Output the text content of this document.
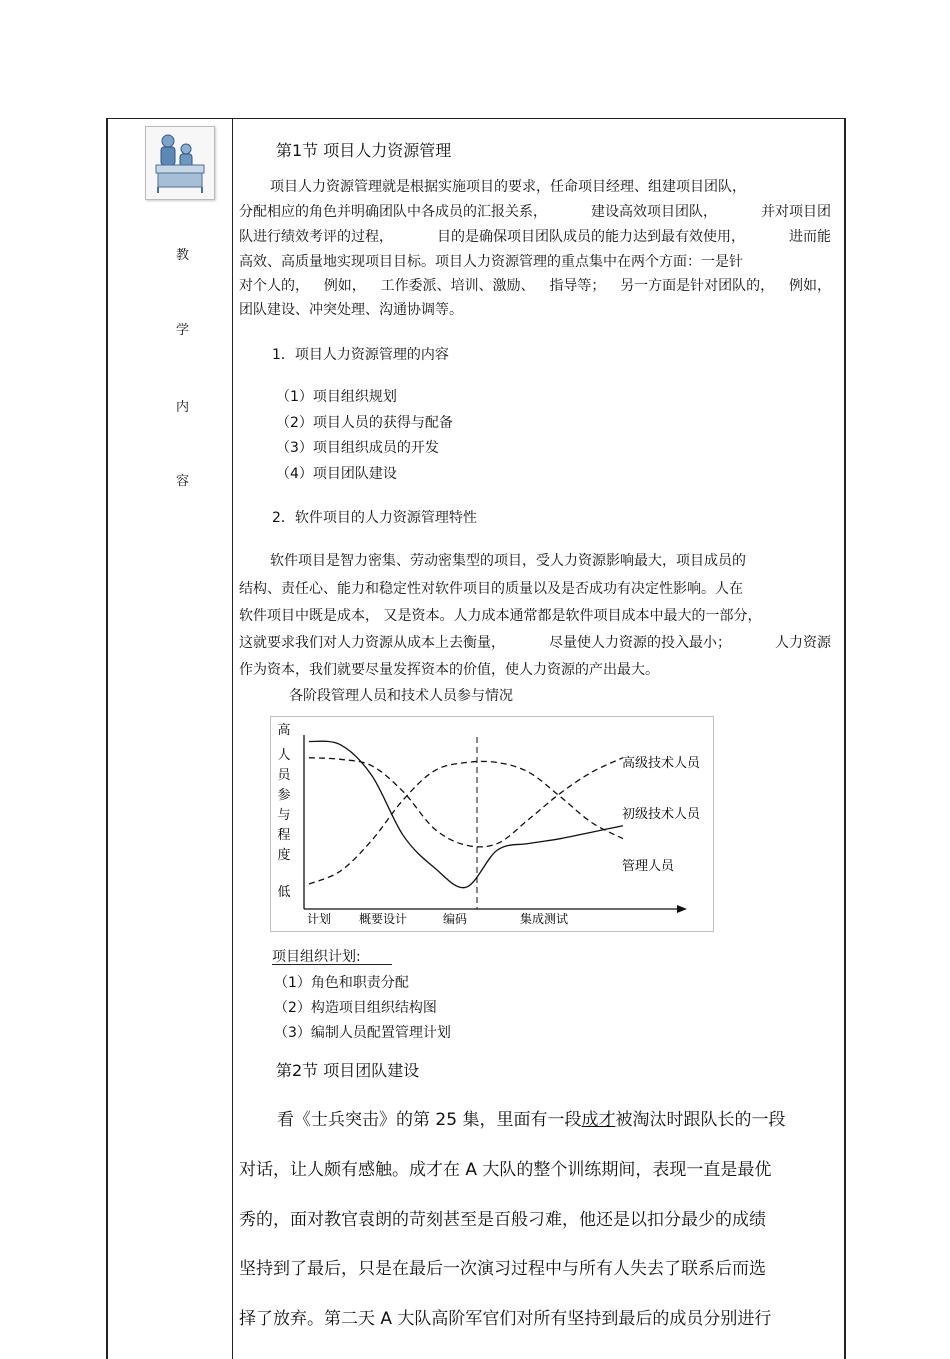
教
学
内
容
第1节 项目人力资源管理
项目人力资源管理就是根据实施项目的要求，任命项目经理、组建项目团队，
分配相应的角色并明确团队中各成员的汇报关系，	建设高效项目团队，	并对项目团
队进行绩效考评的过程，	目的是确保项目团队成员的能力达到最有效使用，	进而能
高效、高质量地实现项目目标。项目人力资源管理的重点集中在两个方面：一是针
对个人的， 例如， 工作委派、培训、激励、 指导等； 另一方面是针对团队的， 例如，
团队建设、冲突处理、沟通协调等。
1．项目人力资源管理的内容
（1）项目组织规划
（2）项目人员的获得与配备
（3）项目组织成员的开发
（4）项目团队建设
2．软件项目的人力资源管理特性
软件项目是智力密集、劳动密集型的项目，受人力资源影响最大，项目成员的
结构、责任心、能力和稳定性对软件项目的质量以及是否成功有决定性影响。人在
软件项目中既是成本， 又是资本。人力成本通常都是软件项目成本中最大的一部分，
这就要求我们对人力资源从成本上去衡量，	尽量使人力资源的投入最小；	人力资源
作为资本，我们就要尽量发挥资本的价值，使人力资源的产出最大。
各阶段管理人员和技术人员参与情况
高
低
人
员
参
与
程
度
计划 概要设计	编码	集成测试
高级技术人员
初级技术人员
管理人员
项目组织计划:
（1）角色和职责分配
（2）构造项目组织结构图
（3）编制人员配置管理计划
第2节 项目团队建设
看《士兵突击》的第 25 集，里面有一段成才被淘汰时跟队长的一段
对话，让人颇有感触。成才在 A 大队的整个训练期间，表现一直是最优
秀的，面对教官袁朗的苛刻甚至是百般刁难，他还是以扣分最少的成绩
坚持到了最后，只是在最后一次演习过程中与所有人失去了联系后而选
择了放弃。第二天 A 大队高阶军官们对所有坚持到最后的成员分别进行
